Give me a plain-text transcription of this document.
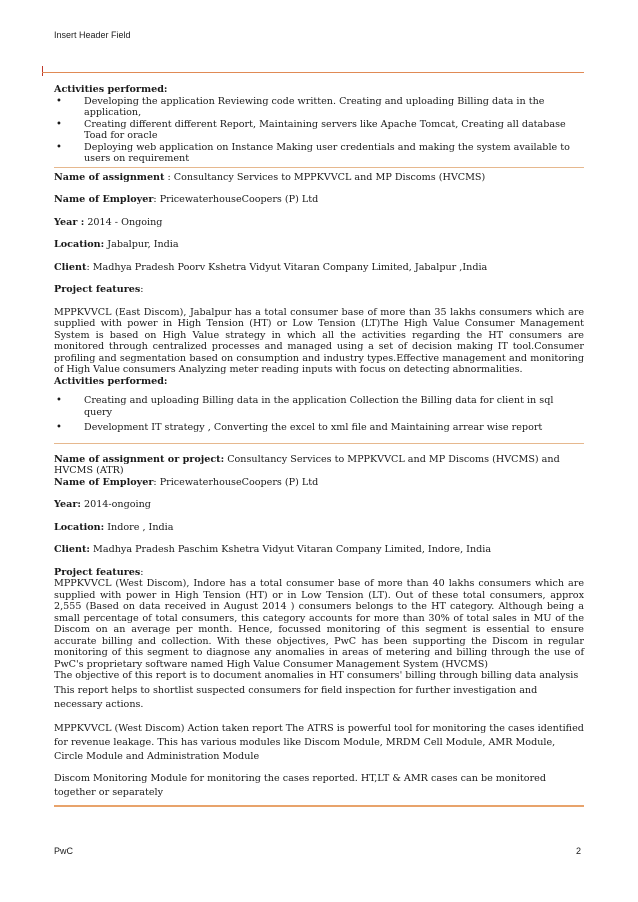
Insert Header Field

Activities performed:

• Developing the application Reviewing code written. Creating and uploading Billing data in the application,
• Creating different different Report, Maintaining servers like Apache Tomcat, Creating all database Toad for oracle
• Deploying web application on Instance Making user credentials and making the system available to users on requirement

Name of assignment : Consultancy Services to MPPKVVCL and MP Discoms (HVCMS)

Name of Employer: PricewaterhouseCoopers (P) Ltd

Year : 2014 - Ongoing

Location: Jabalpur, India

Client: Madhya Pradesh Poorv Kshetra Vidyut Vitaran Company Limited, Jabalpur ,India

Project features:

MPPKVVCL (East Discom), Jabalpur has a total consumer base of more than 35 lakhs consumers which are supplied with power in High Tension (HT) or Low Tension (LT)The High Value Consumer Management System is based on High Value strategy in which all the activities regarding the HT consumers are monitored through centralized processes and managed using a set of decision making IT tool.Consumer profiling and segmentation based on consumption and industry types.Effective management and monitoring of High Value consumers Analyzing meter reading inputs with focus on detecting abnormalities.

Activities performed:

• Creating and uploading Billing data in the application Collection the Billing data for client in sql query
• Development IT strategy , Converting the excel to xml file and Maintaining arrear wise report

Name of assignment or project: Consultancy Services to MPPKVVCL and MP Discoms (HVCMS) and HVCMS (ATR)

Name of Employer: PricewaterhouseCoopers (P) Ltd

Year: 2014-ongoing

Location: Indore , India

Client: Madhya Pradesh Paschim Kshetra Vidyut Vitaran Company Limited, Indore, India

Project features:

MPPKVVCL (West Discom), Indore has a total consumer base of more than 40 lakhs consumers which are supplied with power in High Tension (HT) or in Low Tension (LT). Out of these total consumers, approx 2,555 (Based on data received in August 2014 ) consumers belongs to the HT category. Although being a small percentage of total consumers, this category accounts for more than 30% of total sales in MU of the Discom on an average per month. Hence, focussed monitoring of this segment is essential to ensure accurate billing and collection. With these objectives, PwC has been supporting the Discom in regular monitoring of this segment to diagnose any anomalies in areas of metering and billing through the use of PwC's proprietary software named High Value Consumer Management System (HVCMS)

The objective of this report is to document anomalies in HT consumers' billing through billing data analysis

This report helps to shortlist suspected consumers for field inspection for further investigation and necessary actions.

MPPKVVCL (West Discom) Action taken report The ATRS is powerful tool for monitoring the cases identified for revenue leakage. This has various modules like Discom Module, MRDM Cell Module, AMR Module, Circle Module and Administration Module

Discom Monitoring Module for monitoring the cases reported. HT,LT & AMR cases can be monitored together or separately

PwC	2
